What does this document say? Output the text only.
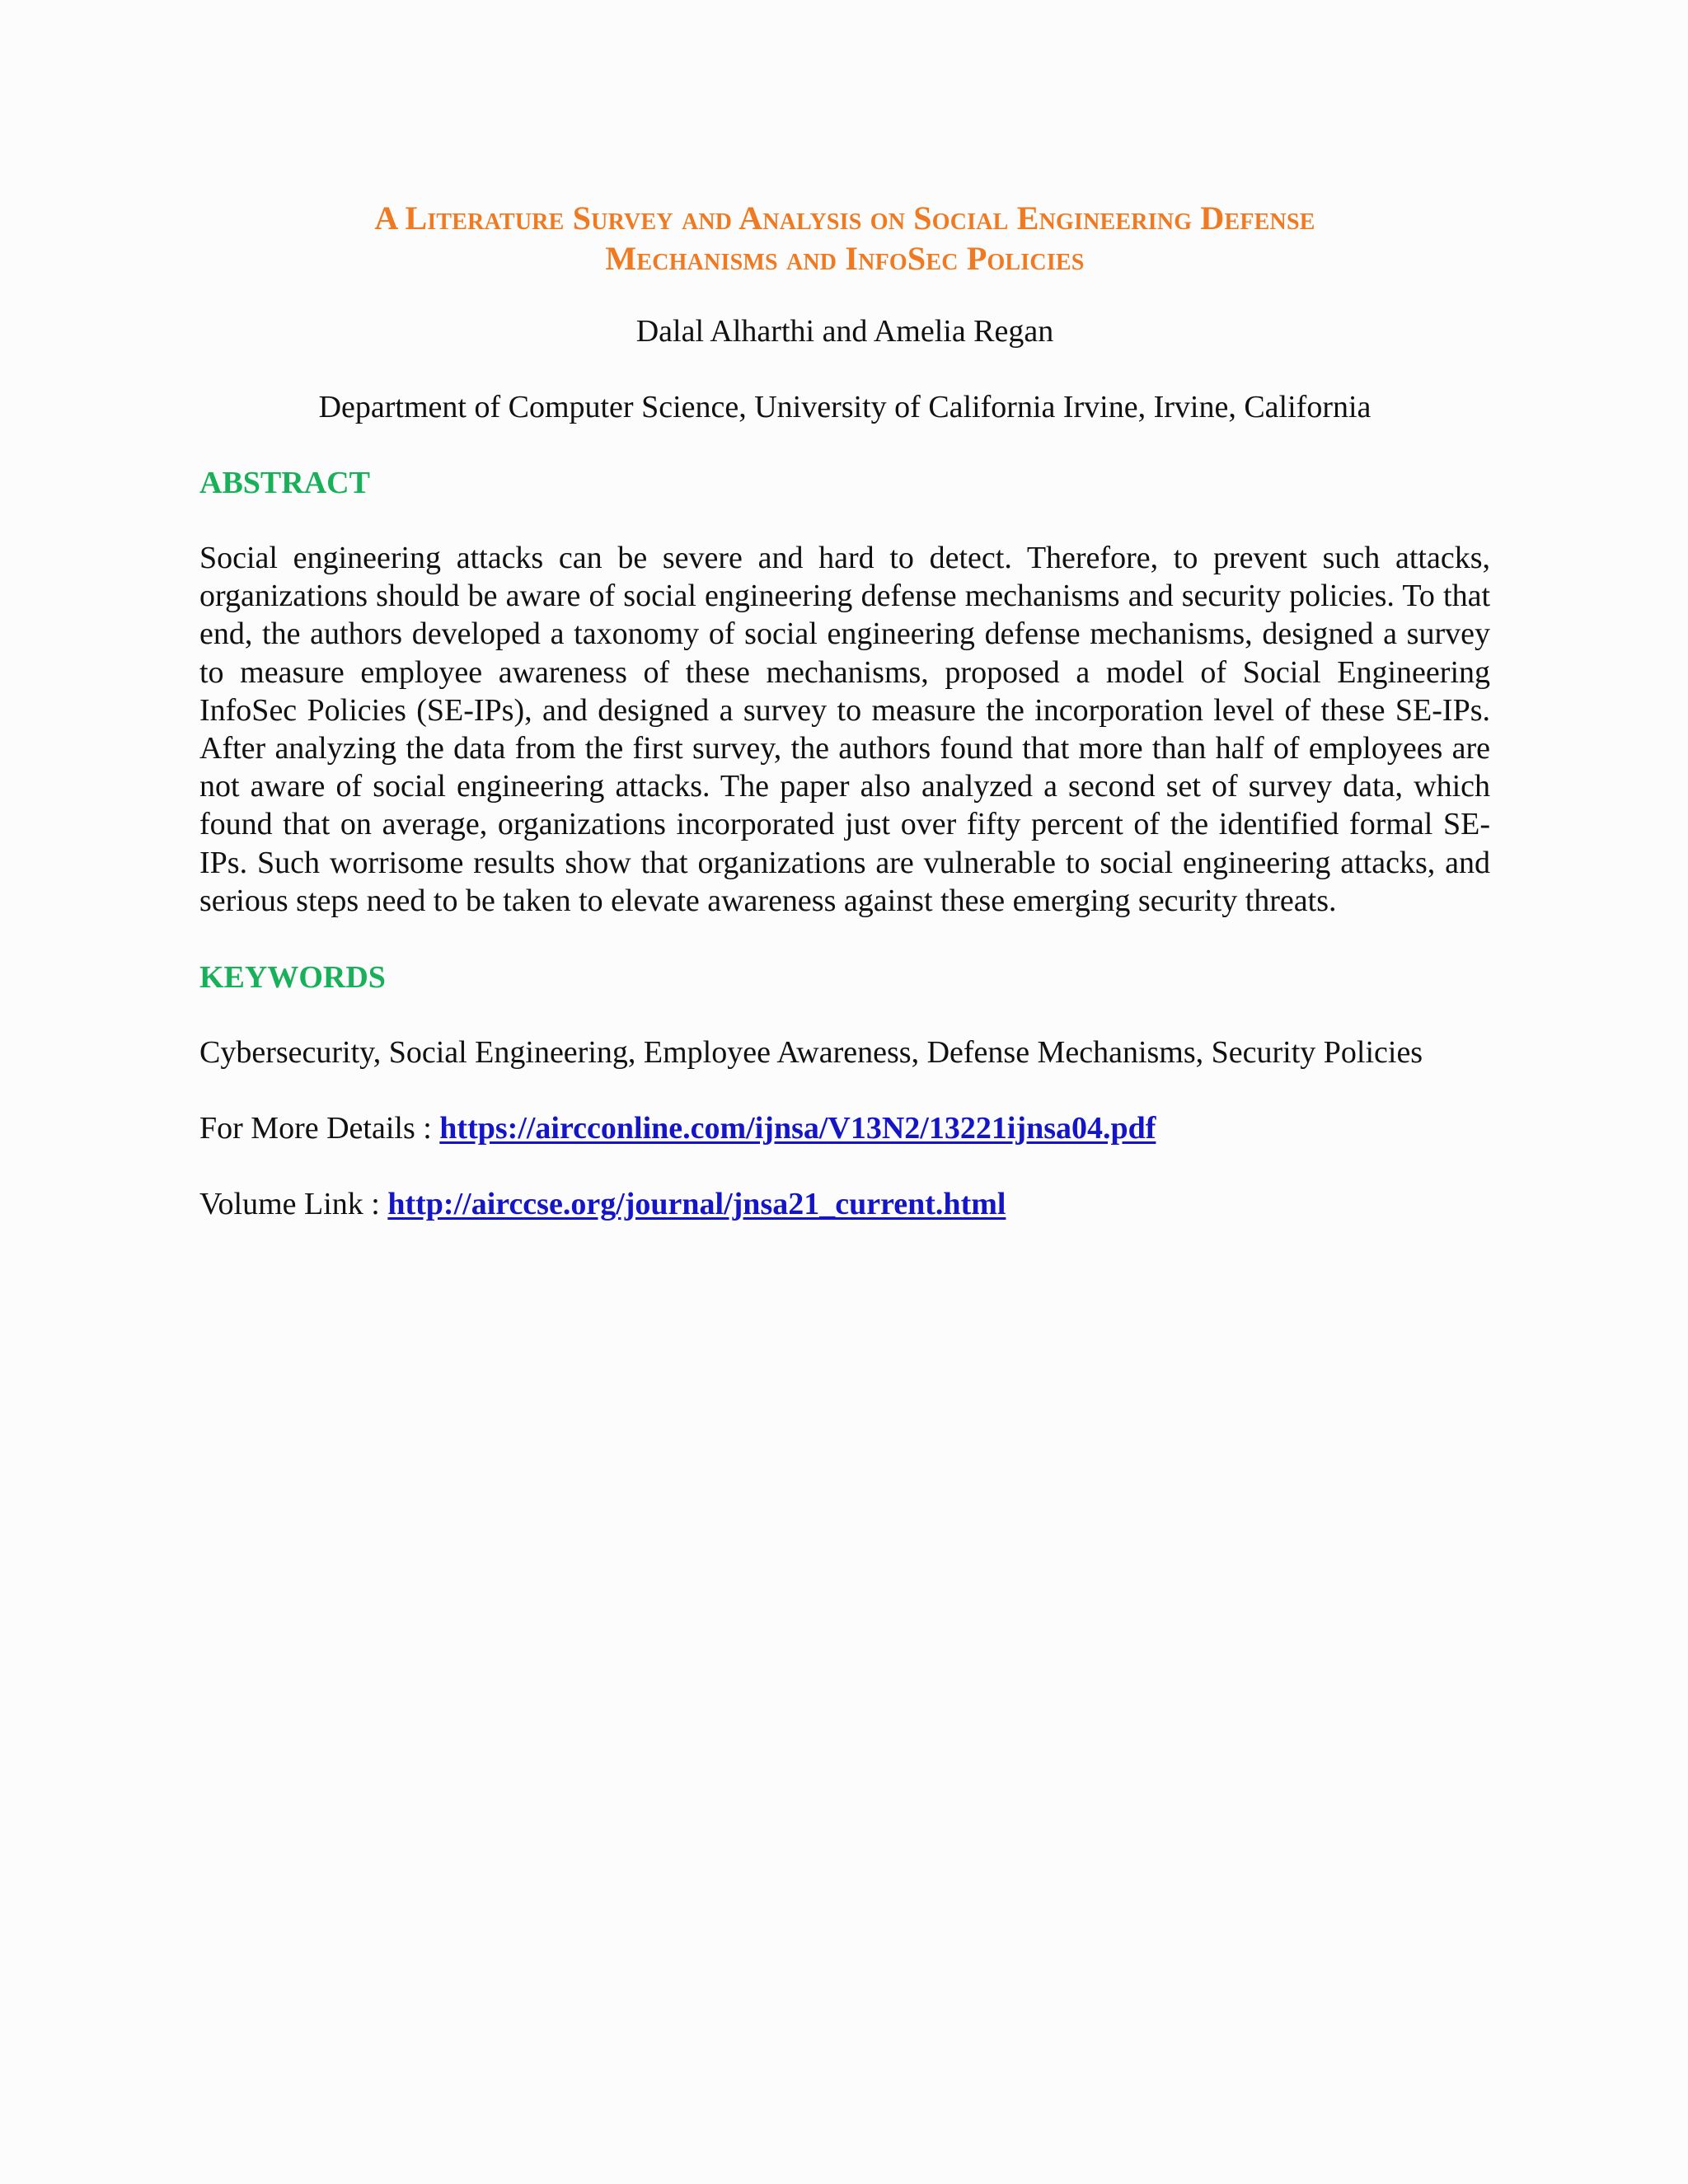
A Literature Survey and Analysis on Social Engineering Defense
Mechanisms and InfoSec Policies

Dalal Alharthi and Amelia Regan

Department of Computer Science, University of California Irvine, Irvine, California

ABSTRACT

Social engineering attacks can be severe and hard to detect. Therefore, to prevent such attacks, organizations should be aware of social engineering defense mechanisms and security policies. To that end, the authors developed a taxonomy of social engineering defense mechanisms, designed a survey to measure employee awareness of these mechanisms, proposed a model of Social Engineering InfoSec Policies (SE-IPs), and designed a survey to measure the incorporation level of these SE-IPs. After analyzing the data from the first survey, the authors found that more than half of employees are not aware of social engineering attacks. The paper also analyzed a second set of survey data, which found that on average, organizations incorporated just over fifty percent of the identified formal SE-IPs. Such worrisome results show that organizations are vulnerable to social engineering attacks, and serious steps need to be taken to elevate awareness against these emerging security threats.

KEYWORDS

Cybersecurity, Social Engineering, Employee Awareness, Defense Mechanisms, Security Policies

For More Details : https://aircconline.com/ijnsa/V13N2/13221ijnsa04.pdf

Volume Link : http://airccse.org/journal/jnsa21_current.html
